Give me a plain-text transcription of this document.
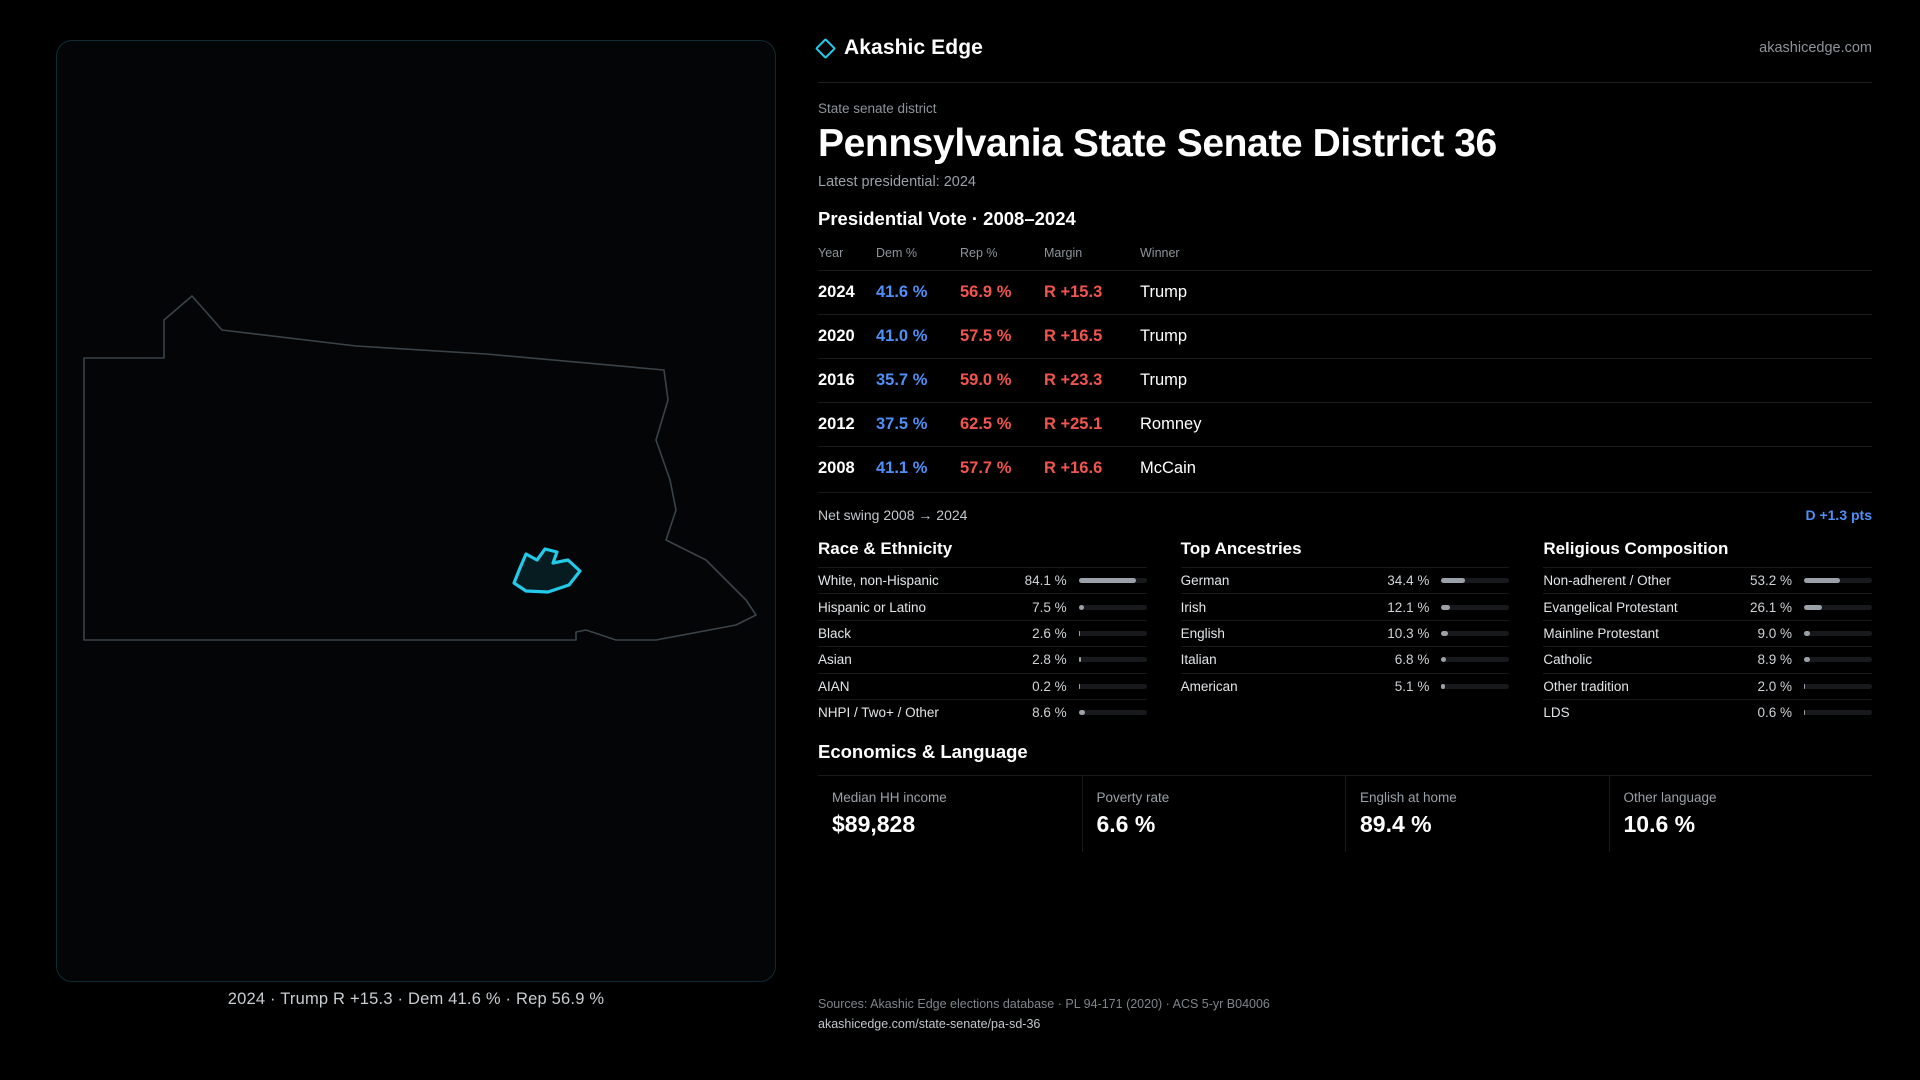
2024 · Trump R +15.3 · Dem 41.6 % · Rep 56.9 %
Akashic Edge	akashicedge.com
State senate district
Pennsylvania State Senate District 36
Latest presidential: 2024
Presidential Vote · 2008–2024
Year	Dem %	Rep %	Margin	Winner
2024	41.6 %	56.9 %	R +15.3	Trump
2020	41.0 %	57.5 %	R +16.5	Trump
2016	35.7 %	59.0 %	R +23.3	Trump
2012	37.5 %	62.5 %	R +25.1	Romney
2008	41.1 %	57.7 %	R +16.6	McCain
Net swing 2008 → 2024	D +1.3 pts
Race & Ethnicity
White, non-Hispanic	84.1 %
Hispanic or Latino	7.5 %
Black	2.6 %
Asian	2.8 %
AIAN	0.2 %
NHPI / Two+ / Other	8.6 %
Top Ancestries
German	34.4 %
Irish	12.1 %
English	10.3 %
Italian	6.8 %
American	5.1 %
Religious Composition
Non-adherent / Other	53.2 %
Evangelical Protestant	26.1 %
Mainline Protestant	9.0 %
Catholic	8.9 %
Other tradition	2.0 %
LDS	0.6 %
Economics & Language
Median HH income
$89,828
Poverty rate
6.6 %
English at home
89.4 %
Other language
10.6 %
Sources: Akashic Edge elections database · PL 94-171 (2020) · ACS 5-yr B04006
akashicedge.com/state-senate/pa-sd-36
